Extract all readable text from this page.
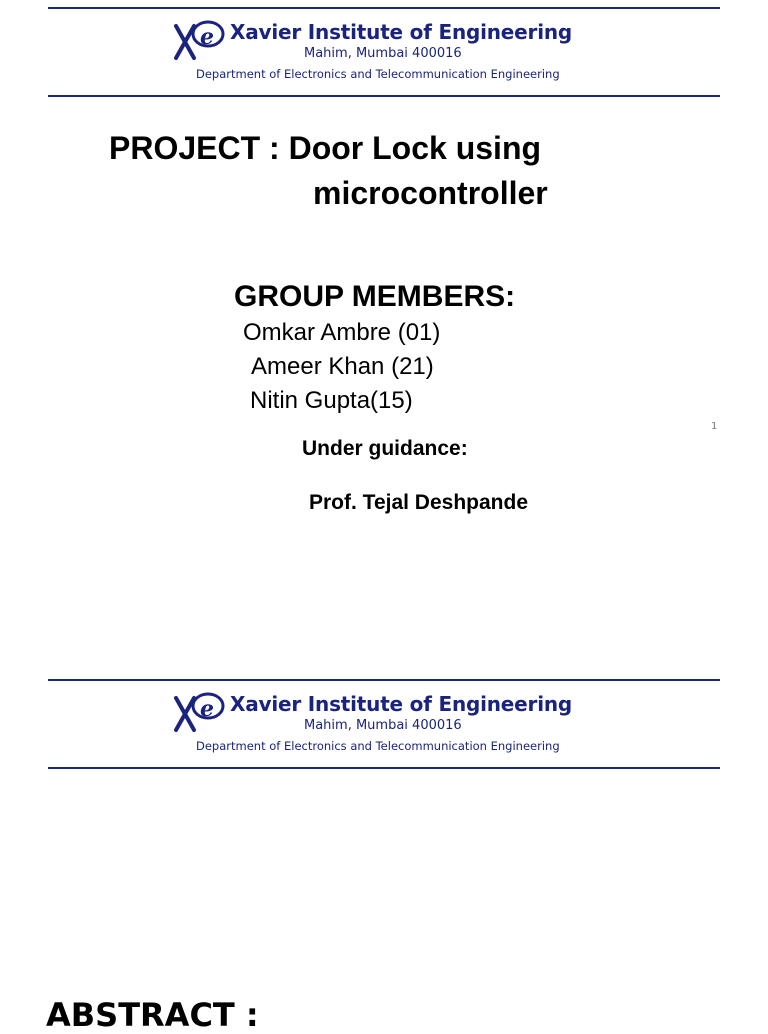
e Xavier Institute of Engineering
Mahim, Mumbai 400016
Department of Electronics and Telecommunication Engineering
PROJECT : Door Lock using
microcontroller
GROUP MEMBERS:
Omkar Ambre (01)
Ameer Khan (21)
Nitin Gupta(15)
1
Under guidance:
Prof. Tejal Deshpande
e Xavier Institute of Engineering
Mahim, Mumbai 400016
Department of Electronics and Telecommunication Engineering
ABSTRACT :
